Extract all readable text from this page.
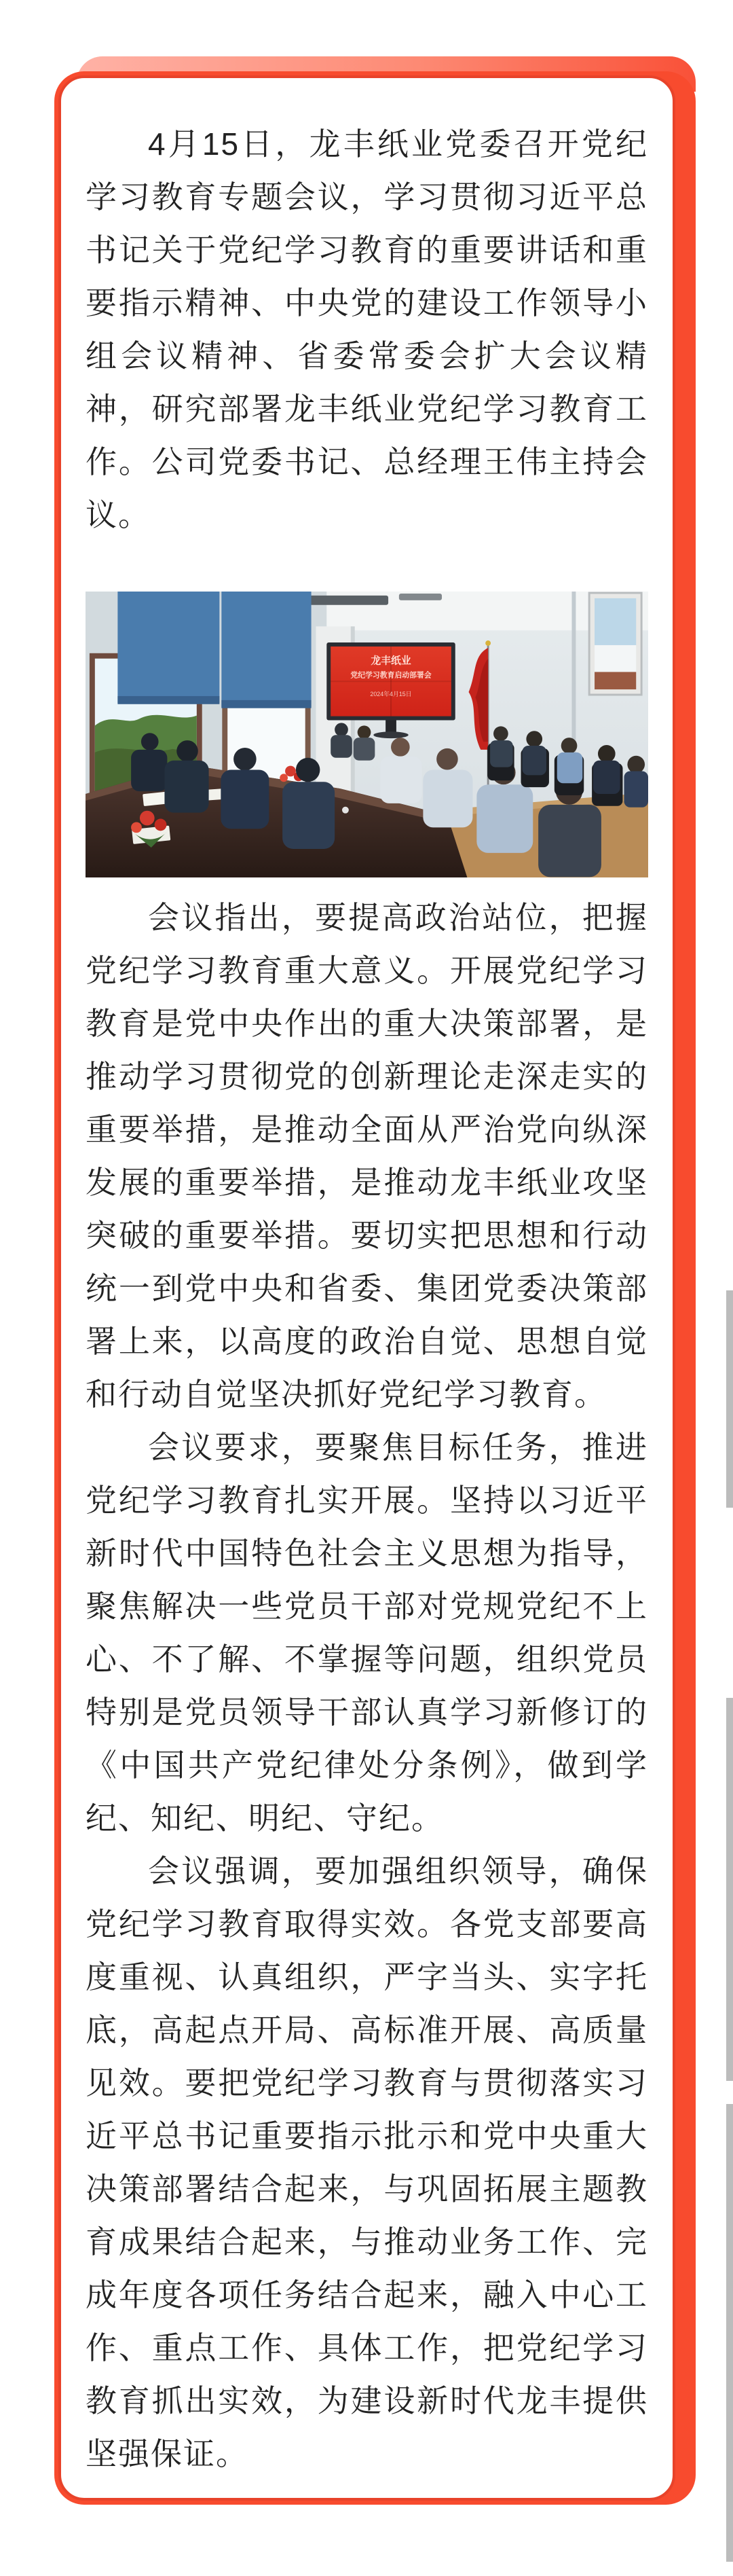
4月15日，龙丰纸业党委召开党纪学习教育专题会议，学习贯彻习近平总书记关于党纪学习教育的重要讲话和重要指示精神、中央党的建设工作领导小组会议精神、省委常委会扩大会议精神，研究部署龙丰纸业党纪学习教育工作。公司党委书记、总经理王伟主持会议。

龙丰纸业
党纪学习教育启动部署会
2024年4月15日

会议指出，要提高政治站位，把握党纪学习教育重大意义。开展党纪学习教育是党中央作出的重大决策部署，是推动学习贯彻党的创新理论走深走实的重要举措，是推动全面从严治党向纵深发展的重要举措，是推动龙丰纸业攻坚突破的重要举措。要切实把思想和行动统一到党中央和省委、集团党委决策部署上来，以高度的政治自觉、思想自觉和行动自觉坚决抓好党纪学习教育。

会议要求，要聚焦目标任务，推进党纪学习教育扎实开展。坚持以习近平新时代中国特色社会主义思想为指导，聚焦解决一些党员干部对党规党纪不上心、不了解、不掌握等问题，组织党员特别是党员领导干部认真学习新修订的《中国共产党纪律处分条例》，做到学纪、知纪、明纪、守纪。

会议强调，要加强组织领导，确保党纪学习教育取得实效。各党支部要高度重视、认真组织，严字当头、实字托底，高起点开局、高标准开展、高质量见效。要把党纪学习教育与贯彻落实习近平总书记重要指示批示和党中央重大决策部署结合起来，与巩固拓展主题教育成果结合起来，与推动业务工作、完成年度各项任务结合起来，融入中心工作、重点工作、具体工作，把党纪学习教育抓出实效，为建设新时代龙丰提供坚强保证。
